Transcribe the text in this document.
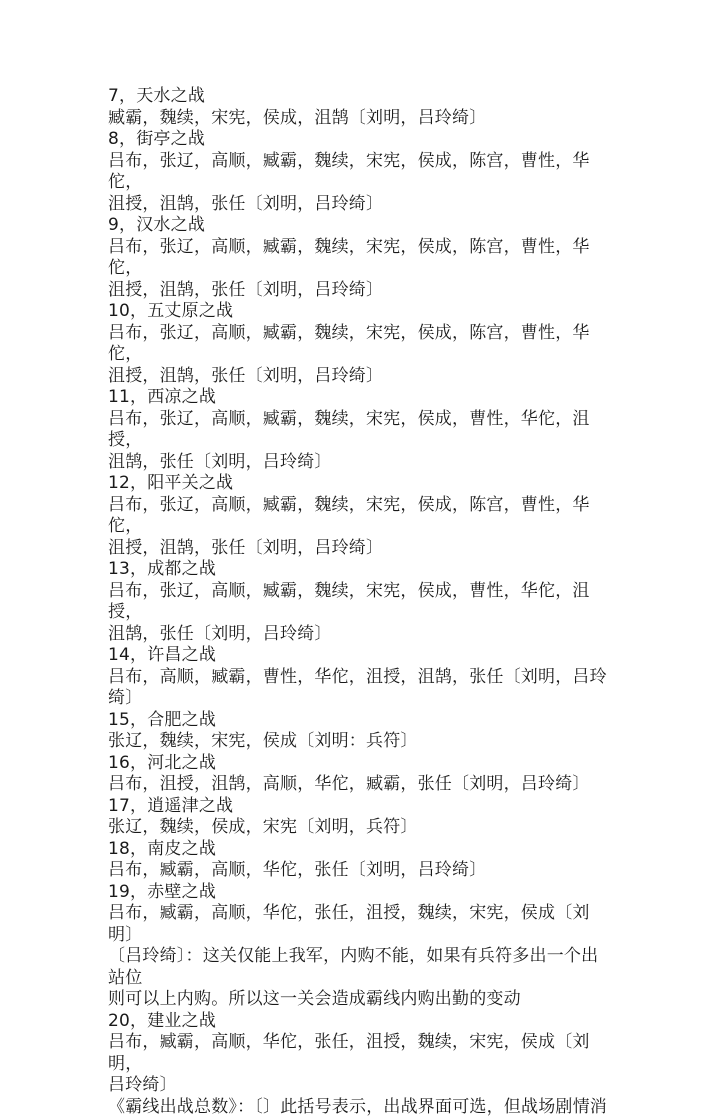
7，天水之战
臧霸，魏续，宋宪，侯成，沮鹄〔刘明，吕玲绮〕
8，街亭之战
吕布，张辽，高顺，臧霸，魏续，宋宪，侯成，陈宫，曹性，华佗，
沮授，沮鹄，张任〔刘明，吕玲绮〕
9，汉水之战
吕布，张辽，高顺，臧霸，魏续，宋宪，侯成，陈宫，曹性，华佗，
沮授，沮鹄，张任〔刘明，吕玲绮〕
10，五丈原之战
吕布，张辽，高顺，臧霸，魏续，宋宪，侯成，陈宫，曹性，华佗，
沮授，沮鹄，张任〔刘明，吕玲绮〕
11，西凉之战
吕布，张辽，高顺，臧霸，魏续，宋宪，侯成，曹性，华佗，沮授，
沮鹄，张任〔刘明，吕玲绮〕
12，阳平关之战
吕布，张辽，高顺，臧霸，魏续，宋宪，侯成，陈宫，曹性，华佗，
沮授，沮鹄，张任〔刘明，吕玲绮〕
13，成都之战
吕布，张辽，高顺，臧霸，魏续，宋宪，侯成，曹性，华佗，沮授，
沮鹄，张任〔刘明，吕玲绮〕
14，许昌之战
吕布，高顺，臧霸，曹性，华佗，沮授，沮鹄，张任〔刘明，吕玲
绮〕
15，合肥之战
张辽，魏续，宋宪，侯成〔刘明：兵符〕
16，河北之战
吕布，沮授，沮鹄，高顺，华佗，臧霸，张任〔刘明，吕玲绮〕
17，逍遥津之战
张辽，魏续，侯成，宋宪〔刘明，兵符〕
18，南皮之战
吕布，臧霸，高顺，华佗，张任〔刘明，吕玲绮〕
19，赤壁之战
吕布，臧霸，高顺，华佗，张任，沮授，魏续，宋宪，侯成〔刘明〕
〔吕玲绮〕：这关仅能上我军，内购不能，如果有兵符多出一个出站位
则可以上内购。所以这一关会造成霸线内购出勤的变动
20，建业之战
吕布，臧霸，高顺，华佗，张任，沮授，魏续，宋宪，侯成〔刘明，
吕玲绮〕
《霸线出战总数》：〔〕此括号表示，出战界面可选，但战场剧情消
